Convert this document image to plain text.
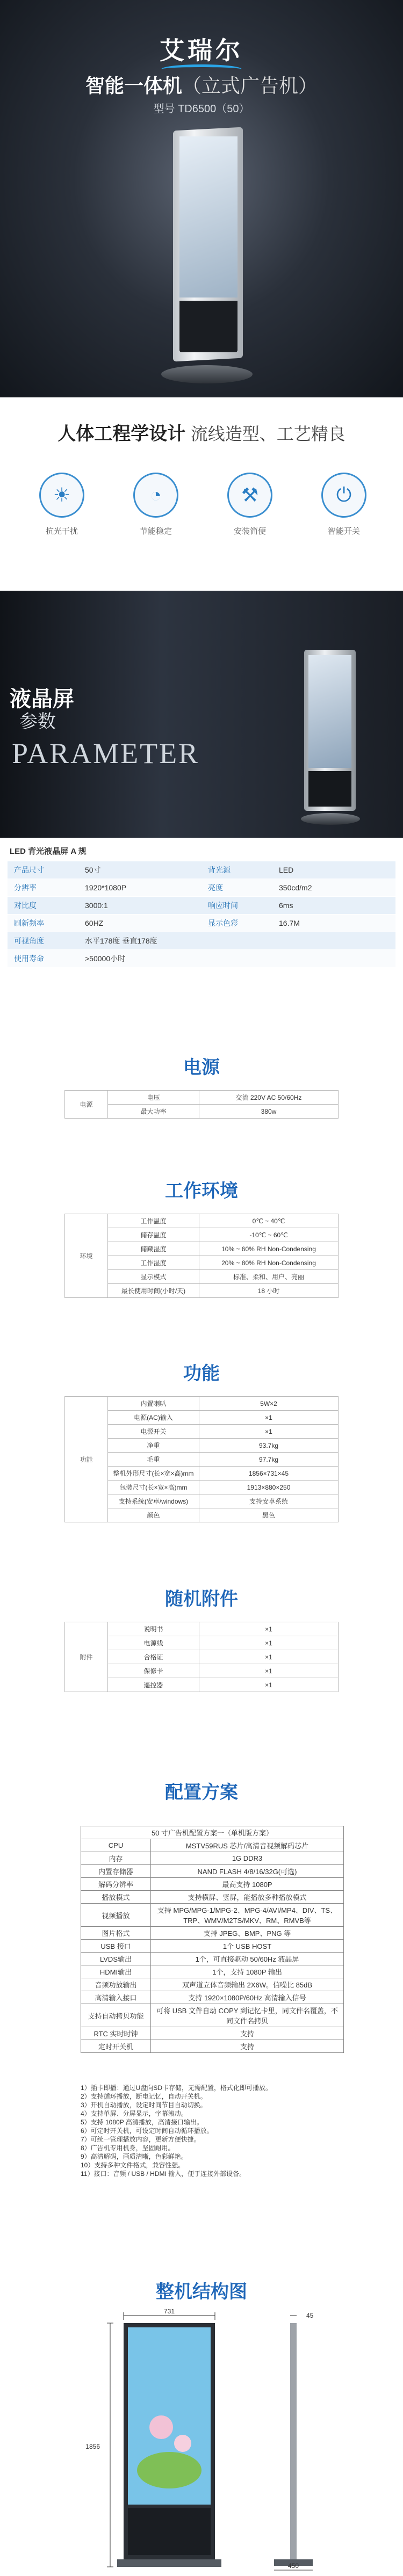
艾瑞尔
智能一体机（立式广告机）
型号 TD6500（50）
人体工程学设计 流线造型、工艺精良
☀
抗光干扰
◔
节能稳定
⚒
安装简便
⏻
智能开关
液晶屏
参数
PARAMETER
LED 背光液晶屏 A 规
产品尺寸	50寸	背光源	LED
分辨率	1920*1080P	亮度	350cd/m2
对比度	3000:1	响应时间	6ms
刷新频率	60HZ	显示色彩	16.7M
可视角度	水平178度 垂直178度
使用寿命	>50000小时
电源
电源	电压	交流 220V AC 50/60Hz
	最大功率	380w
工作环境
环境	工作温度	0℃ ~ 40℃
	储存温度	-10℃ ~ 60℃
	储藏湿度	10% ~ 60% RH Non-Condensing
	工作湿度	20% ~ 80% RH Non-Condensing
	显示模式	标准、柔和、用户、亮丽
	最长使用时间(小时/天)	18 小时
功能
功能	内置喇叭	5W×2
	电源(AC)输入	×1
	电源开关	×1
	净重	93.7kg
	毛重	97.7kg
	整机外形尺寸(长×宽×高)mm	1856×731×45
	包装尺寸(长×宽×高)mm	1913×880×250
	支持系统(安卓/windows)	支持安卓系统
	颜色	黑色
随机附件
附件	说明书	×1
	电源线	×1
	合格证	×1
	保修卡	×1
	遥控器	×1
配置方案
50 寸广告机配置方案一（单机版方案）	
CPU	MSTV59RUS 芯片/高清音视频解码芯片
内存	1G DDR3
内置存储器	NAND FLASH 4/8/16/32G(可选)
解码分辨率	最高支持 1080P
播放模式	支持横屏、竖屏，能播放多种播放模式
视频播放	支持 MPG/MPG-1/MPG-2、MPG-4/AVI/MP4、DIV、TS、TRP、WMV/M2TS/MKV、RM、RMVB等
图片格式	支持 JPEG、BMP、PNG 等
USB 接口	1个 USB HOST
LVDS输出	1个，可直接驱动 50/60Hz 液晶屏
HDMI输出	1个，支持 1080P 输出
音频功放输出	双声道立体音频输出 2X6W。信噪比 85dB
高清输入接口	支持 1920×1080P/60Hz 高清输入信号
支持自动拷贝功能	可将 USB 文件自动 COPY 到记忆卡里，同文件名覆盖，不同文件名拷贝
RTC 实时时钟	支持
定时开关机	支持
1）插卡即播：通过U盘向SD卡存储，无需配置，格式化即可播放。
2）支持循环播放，断电记忆，自动开关机。
3）开机自动播放，设定时间节目自动切换。
4）支持单屏、分屏显示，字幕滚动。
5）支持 1080P 高清播放，高清接口输出。
6）可定时开关机，可设定时间自动循环播放。
7）可统一管理播放内容，更新方便快捷。
8）广告机专用机身，坚固耐用。
9）高清解码，画质清晰，色彩鲜艳。
10）支持多种文件格式，兼容性强。
11）接口：音频 / USB / HDMI 输入，便于连接外部设备。
整机结构图
731
1856
45
450
